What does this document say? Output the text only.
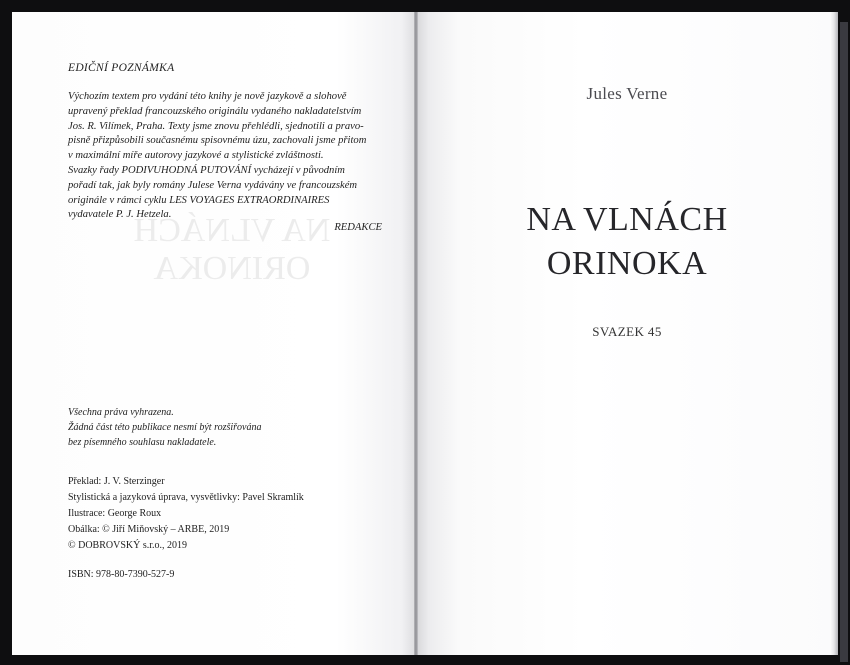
NA VLNÁCH
ORINOKA

EDIČNÍ POZNÁMKA

Výchozím textem pro vydání této knihy je nově jazykově a slohově
upravený překlad francouzského originálu vydaného nakladatelstvím
Jos. R. Vilímek, Praha. Texty jsme znovu přehlédli, sjednotili a pravo-
pisně přizpůsobili současnému spisovnému úzu, zachovali jsme přitom
v maximální míře autorovy jazykové a stylistické zvláštnosti.
Svazky řady PODIVUHODNÁ PUTOVÁNÍ vycházejí v původním
pořadí tak, jak byly romány Julese Verna vydávány ve francouzském
originále v rámci cyklu LES VOYAGES EXTRAORDINAIRES
vydavatele P. J. Hetzela.

REDAKCE

Všechna práva vyhrazena.
Žádná část této publikace nesmí být rozšiřována
bez písemného souhlasu nakladatele.

Překlad: J. V. Sterzinger
Stylistická a jazyková úprava, vysvětlivky: Pavel Skramlík
Ilustrace: George Roux
Obálka: © Jiří Miňovský – ARBE, 2019
© DOBROVSKÝ s.r.o., 2019

ISBN: 978-80-7390-527-9

Jules Verne

NA VLNÁCH
ORINOKA

SVAZEK 45
